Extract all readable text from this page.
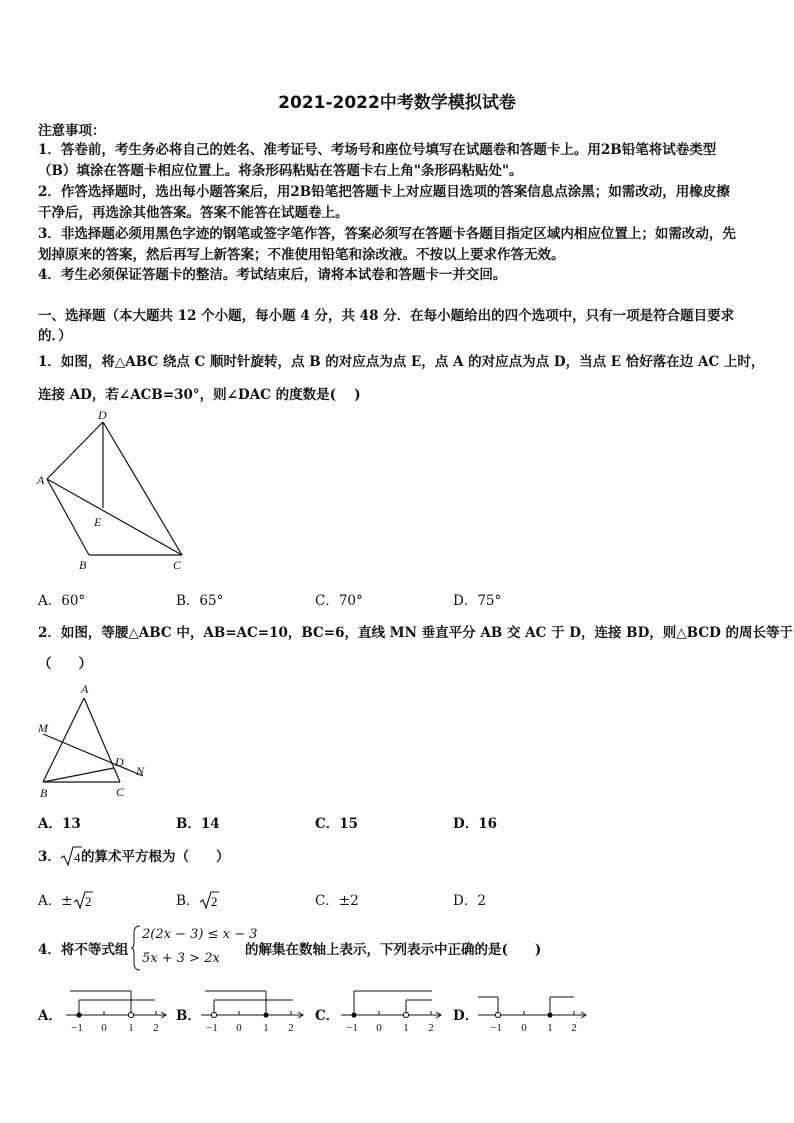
2021-2022中考数学模拟试卷
注意事项：
1．答卷前，考生务必将自己的姓名、准考证号、考场号和座位号填写在试题卷和答题卡上。用2B铅笔将试卷类型
（B）填涂在答题卡相应位置上。将条形码粘贴在答题卡右上角"条形码粘贴处"。
2．作答选择题时，选出每小题答案后，用2B铅笔把答题卡上对应题目选项的答案信息点涂黑；如需改动，用橡皮擦
干净后，再选涂其他答案。答案不能答在试题卷上。
3．非选择题必须用黑色字迹的钢笔或签字笔作答，答案必须写在答题卡各题目指定区域内相应位置上；如需改动，先
划掉原来的答案，然后再写上新答案；不准使用铅笔和涂改液。不按以上要求作答无效。
4．考生必须保证答题卡的整洁。考试结束后，请将本试卷和答题卡一并交回。
一、选择题（本大题共 12 个小题，每小题 4 分，共 48 分．在每小题给出的四个选项中，只有一项是符合题目要求
的．）
1．如图，将△ABC 绕点 C 顺时针旋转，点 B 的对应点为点 E，点 A 的对应点为点 D，当点 E 恰好落在边 AC 上时，
连接 AD，若∠ACB=30°，则∠DAC 的度数是(　 )
A
D
E
B	C
A．60°	B．65°	C．70°	D．75°
2．如图，等腰△ABC 中，AB=AC=10，BC=6，直线 MN 垂直平分 AB 交 AC 于 D，连接 BD，则△BCD 的周长等于
（　　）
A
M
D
N
B	C
A．13	B．14	C．15	D．16
3． 4 的算术平方根为（　　）
A．± 2	B． 2	C．±2	D．2
4．将不等式组
2(2x − 3) ≤ x − 3
5x + 3 > 2x
的解集在数轴上表示，下列表示中正确的是(　　)
A．
−1 0 1 2
B．
−1 0 1 2
C．
−1 0 1 2
D．
−1 0 1 2
